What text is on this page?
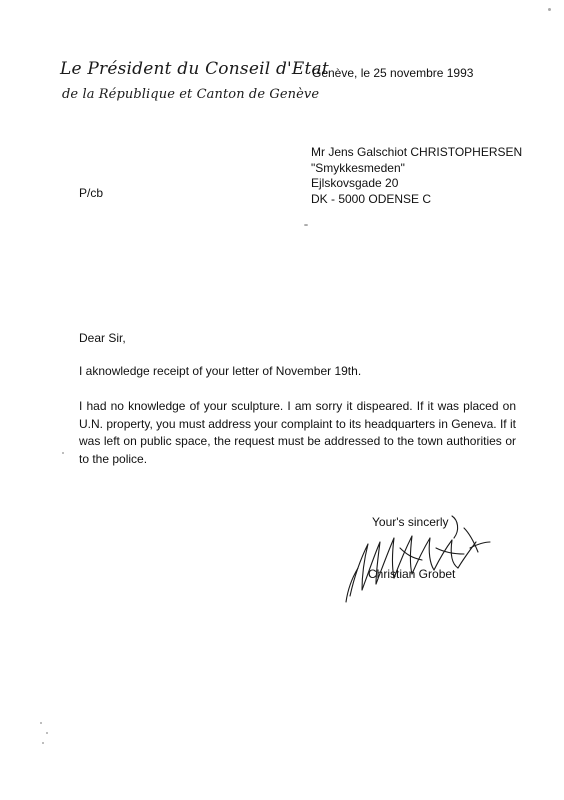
Le Président du Conseil d'Etat
de la République et Canton de Genève
Genève, le 25 novembre 1993
Mr Jens Galschiot CHRISTOPHERSEN
"Smykkesmeden"
Ejlskovsgade 20
DK - 5000 ODENSE C
P/cb
Dear Sir,
I aknowledge receipt of your letter of November 19th.
I had no knowledge of your sculpture. I am sorry it dispeared. If it was placed on U.N. property, you must address your complaint to its headquarters in Geneva. If it was left on public space, the request must be addressed to the town authorities or to the police.
Your's sincerly
Christian Grobet
